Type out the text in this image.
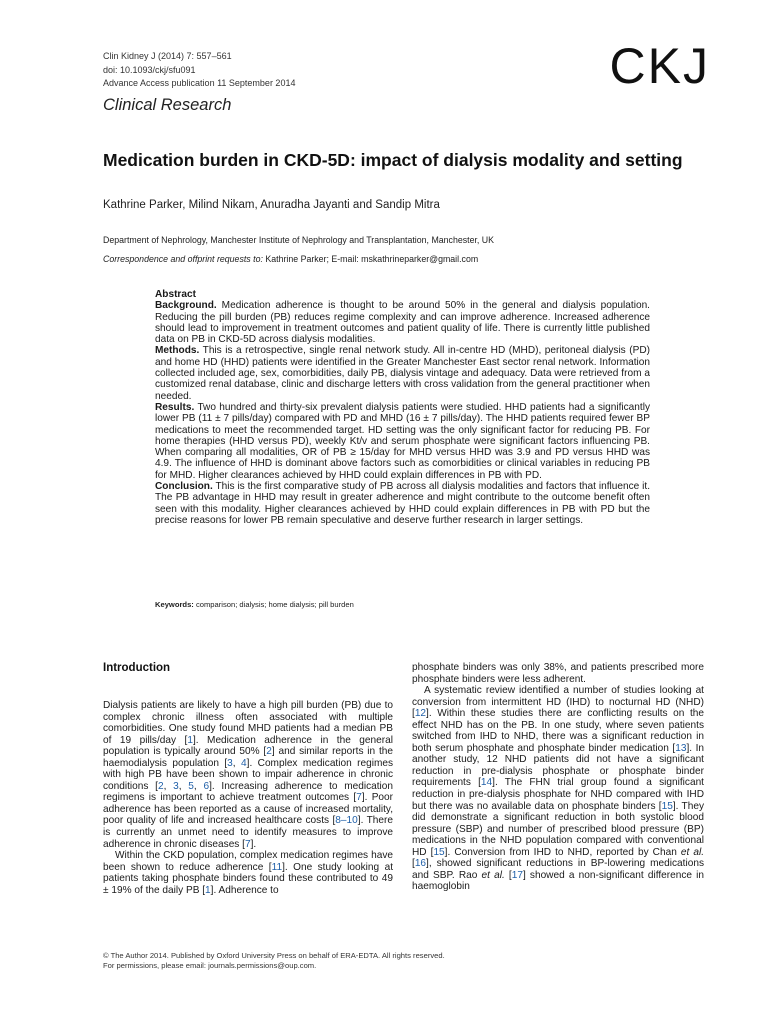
Clin Kidney J (2014) 7: 557–561
doi: 10.1093/ckj/sfu091
Advance Access publication 11 September 2014	CKJ
Clinical Research
Medication burden in CKD-5D: impact of dialysis modality and setting
Kathrine Parker, Milind Nikam, Anuradha Jayanti and Sandip Mitra
Department of Nephrology, Manchester Institute of Nephrology and Transplantation, Manchester, UK
Correspondence and offprint requests to: Kathrine Parker; E-mail: mskathrineparker@gmail.com

Abstract

Background. Medication adherence is thought to be around 50% in the general and dialysis population. Reducing the pill burden (PB) reduces regime complexity and can improve adherence. Increased adherence should lead to improvement in treatment outcomes and patient quality of life. There is currently little published data on PB in CKD-5D across dialysis modalities.

Methods. This is a retrospective, single renal network study. All in-centre HD (MHD), peritoneal dialysis (PD) and home HD (HHD) patients were identified in the Greater Manchester East sector renal network. Information collected included age, sex, comorbidities, daily PB, dialysis vintage and adequacy. Data were retrieved from a customized renal database, clinic and discharge letters with cross validation from the general practitioner when needed.

Results. Two hundred and thirty-six prevalent dialysis patients were studied. HHD patients had a significantly lower PB (11 ± 7 pills/day) compared with PD and MHD (16 ± 7 pills/day). The HHD patients required fewer BP medications to meet the recommended target. HD setting was the only significant factor for reducing PB. For home therapies (HHD versus PD), weekly Kt/v and serum phosphate were significant factors influencing PB. When comparing all modalities, OR of PB ≥ 15/day for MHD versus HHD was 3.9 and PD versus HHD was 4.9. The influence of HHD is dominant above factors such as comorbidities or clinical variables in reducing PB for MHD. Higher clearances achieved by HHD could explain differences in PB with PD.

Conclusion. This is the first comparative study of PB across all dialysis modalities and factors that influence it. The PB advantage in HHD may result in greater adherence and might contribute to the outcome benefit often seen with this modality. Higher clearances achieved by HHD could explain differences in PB with PD but the precise reasons for lower PB remain speculative and deserve further research in larger settings.

Keywords: comparison; dialysis; home dialysis; pill burden
Introduction

Dialysis patients are likely to have a high pill burden (PB) due to complex chronic illness often associated with multiple comorbidities. One study found MHD patients had a median PB of 19 pills/day [1]. Medication adherence in the general population is typically around 50% [2] and similar reports in the haemodialysis population [3, 4]. Complex medication regimes with high PB have been shown to impair adherence in chronic conditions [2, 3, 5, 6]. Increasing adherence to medication regimens is important to achieve treatment outcomes [7]. Poor adherence has been reported as a cause of increased mortality, poor quality of life and increased healthcare costs [8–10]. There is currently an unmet need to identify measures to improve adherence in chronic diseases [7].

Within the CKD population, complex medication regimes have been shown to reduce adherence [11]. One study looking at patients taking phosphate binders found these contributed to 49 ± 19% of the daily PB [1]. Adherence to

phosphate binders was only 38%, and patients prescribed more phosphate binders were less adherent.

A systematic review identified a number of studies looking at conversion from intermittent HD (IHD) to nocturnal HD (NHD) [12]. Within these studies there are conflicting results on the effect NHD has on the PB. In one study, where seven patients switched from IHD to NHD, there was a significant reduction in both serum phosphate and phosphate binder medication [13]. In another study, 12 NHD patients did not have a significant reduction in pre-dialysis phosphate or phosphate binder requirements [14]. The FHN trial group found a significant reduction in pre-dialysis phosphate for NHD compared with IHD but there was no available data on phosphate binders [15]. They did demonstrate a significant reduction in both systolic blood pressure (SBP) and number of prescribed blood pressure (BP) medications in the NHD population compared with conventional HD [15]. Conversion from IHD to NHD, reported by Chan et al. [16], showed significant reductions in BP-lowering medications and SBP. Rao et al. [17] showed a non-significant difference in haemoglobin

© The Author 2014. Published by Oxford University Press on behalf of ERA-EDTA. All rights reserved.
For permissions, please email: journals.permissions@oup.com.
